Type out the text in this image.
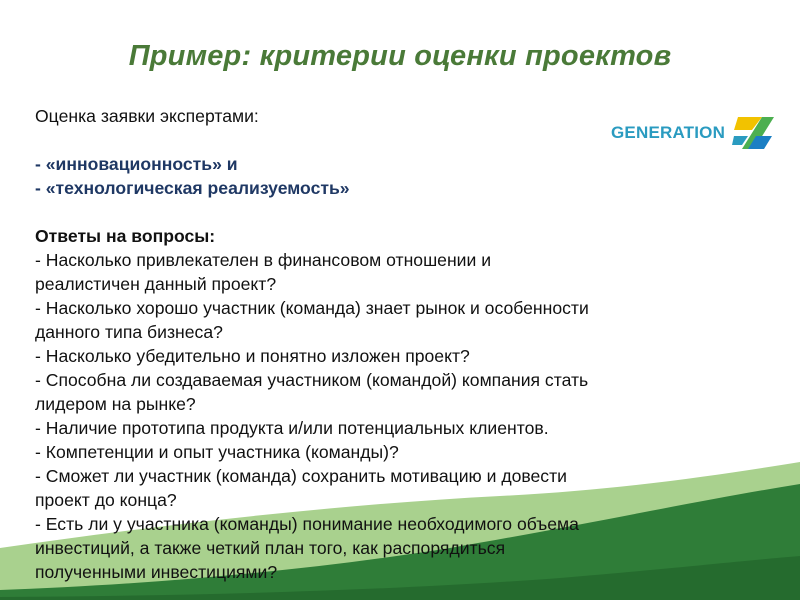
Пример: критерии оценки проектов
GENERATION

Оценка заявки экспертами:

- «инновационность» и

- «технологическая реализуемость»

Ответы на вопросы:

- Насколько привлекателен в финансовом отношении и

реалистичен данный проект?

- Насколько хорошо участник (команда) знает рынок и особенности

данного типа бизнеса?

- Насколько убедительно и понятно изложен проект?

- Способна ли создаваемая участником (командой) компания стать

лидером на рынке?

- Наличие прототипа продукта и/или потенциальных клиентов.

- Компетенции и опыт участника (команды)?

- Сможет ли участник (команда) сохранить мотивацию и довести

проект до конца?

- Есть ли у участника (команды) понимание необходимого объема

инвестиций, а также четкий план того, как распорядиться

полученными инвестициями?
